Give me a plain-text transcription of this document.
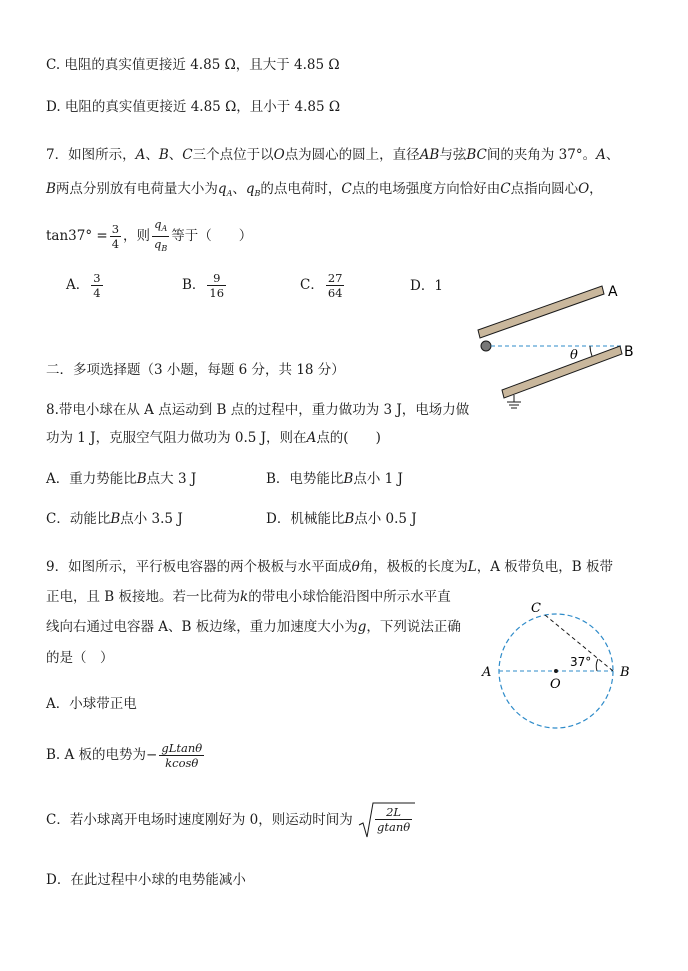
C. 电阻的真实值更接近 4.85 Ω，且大于 4.85 Ω
D. 电阻的真实值更接近 4.85 Ω，且小于 4.85 Ω
7．如图所示，A、B、C三个点位于以O点为圆心的圆上，直径AB与弦BC间的夹角为 37°。A、
B两点分别放有电荷量大小为$q_A$、$q_B$的点电荷时，C点的电场强度方向恰好由C点指向圆心O，
$\tan 37^\circ = \frac{3}{4}$ ，则 $\frac{q_A}{q_B}$ 等于（　　）
A． $\frac{3}{4}$	B． $\frac{9}{16}$	C． $\frac{27}{64}$	D．1	A
B
θ
二．多项选择题（3 小题，每题 6 分，共 18 分）
8.带电小球在从 A 点运动到 B 点的过程中，重力做功为 3 J，电场力做
功为 1 J，克服空气阻力做功为 0.5 J，则在A点的(　　)
A．重力势能比B点大 3 J	B．电势能比B点小 1 J
C．动能比B点小 3.5 J	D．机械能比B点小 0.5 J
9．如图所示，平行板电容器的两个极板与水平面成θ角，极板的长度为L，A 板带负电，B 板带
正电，且 B 板接地。若一比荷为k的带电小球恰能沿图中所示水平直
线向右通过电容器 A、B 板边缘，重力加速度大小为g，下列说法正确
的是（　）
A．小球带正电
B. A 板的电势为− $\frac{gLtan\theta}{kcos\theta}$
C．若小球离开电场时速度刚好为 0，则运动时间为 $\frac{2L}{gtan\theta}$
D．在此过程中小球的电势能减小
A	B
C
O
37°
